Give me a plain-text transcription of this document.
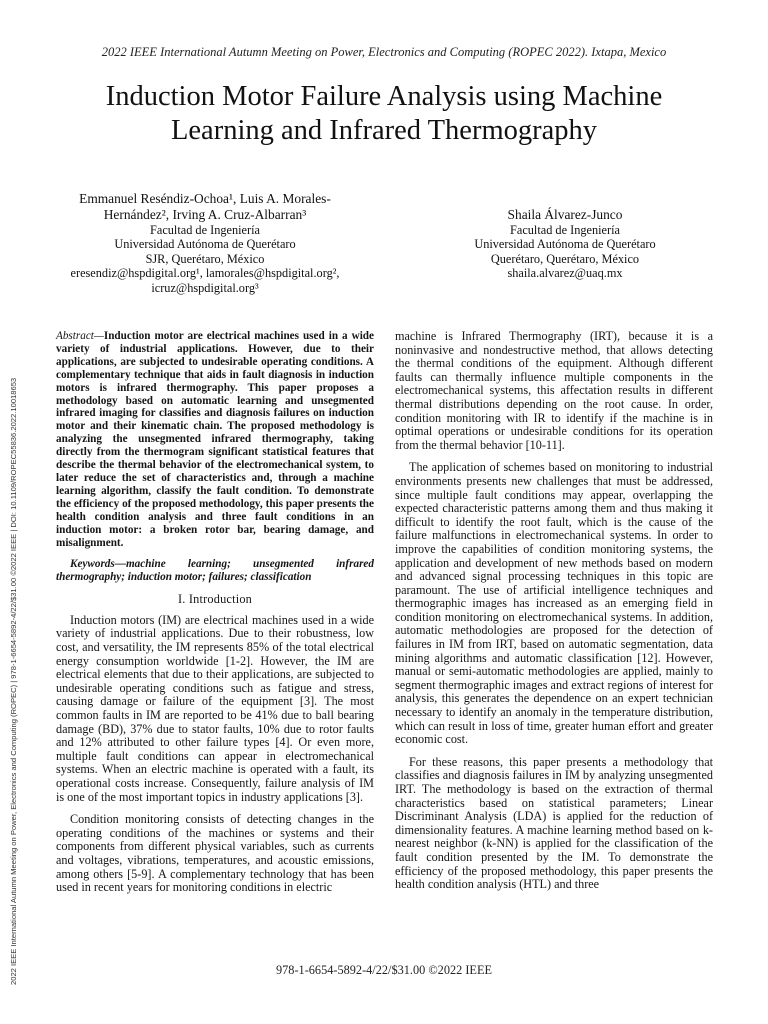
2022 IEEE International Autumn Meeting on Power, Electronics and Computing (ROPEC 2022). Ixtapa, Mexico
Induction Motor Failure Analysis using Machine Learning and Infrared Thermography
2022 IEEE International Autumn Meeting on Power, Electronics and Computing (ROPEC) | 978-1-6654-5892-4/22/$31.00 ©2022 IEEE | DOI: 10.1109/ROPEC55836.2022.10018653
Emmanuel Reséndiz-Ochoa¹, Luis A. Morales-
Hernández², Irving A. Cruz-Albarran³
Facultad de Ingeniería
Universidad Autónoma de Querétaro
SJR, Querétaro, México
eresendiz@hspdigital.org¹, lamorales@hspdigital.org²,
icruz@hspdigital.org³
Shaila Álvarez-Junco
Facultad de Ingeniería
Universidad Autónoma de Querétaro
Querétaro, Querétaro, México
shaila.alvarez@uaq.mx

Abstract—Induction motor are electrical machines used in a wide variety of industrial applications. However, due to their applications, are subjected to undesirable operating conditions. A complementary technique that aids in fault diagnosis in induction motors is infrared thermography. This paper proposes a methodology based on automatic learning and unsegmented infrared imaging for classifies and diagnosis failures on induction motor and their kinematic chain. The proposed methodology is analyzing the unsegmented infrared thermography, taking directly from the thermogram significant statistical features that describe the thermal behavior of the electromechanical system, to later reduce the set of characteristics and, through a machine learning algorithm, classify the fault condition. To demonstrate the efficiency of the proposed methodology, this paper presents the health condition analysis and three fault conditions in an induction motor: a broken rotor bar, bearing damage, and misalignment.

Keywords—machine learning; unsegmented infrared thermography; induction motor; failures; classification

I. Introduction

Induction motors (IM) are electrical machines used in a wide variety of industrial applications. Due to their robustness, low cost, and versatility, the IM represents 85% of the total electrical energy consumption worldwide [1-2]. However, the IM are electrical elements that due to their applications, are subjected to undesirable operating conditions such as fatigue and stress, causing damage or failure of the equipment [3]. The most common faults in IM are reported to be 41% due to ball bearing damage (BD), 37% due to stator faults, 10% due to rotor faults and 12% attributed to other failure types [4]. Or even more, multiple fault conditions can appear in electromechanical systems. When an electric machine is operated with a fault, its operational costs increase. Consequently, failure analysis of IM is one of the most important topics in industry applications [3].

Condition monitoring consists of detecting changes in the operating conditions of the machines or systems and their components from different physical variables, such as currents and voltages, vibrations, temperatures, and acoustic emissions, among others [5-9]. A complementary technology that has been used in recent years for monitoring conditions in electric

machine is Infrared Thermography (IRT), because it is a noninvasive and nondestructive method, that allows detecting the thermal conditions of the equipment. Although different faults can thermally influence multiple components in the electromechanical systems, this affectation results in different thermal distributions depending on the root cause. In order, condition monitoring with IR to identify if the machine is in optimal operations or undesirable conditions for its operation from the thermal behavior [10-11].

The application of schemes based on monitoring to industrial environments presents new challenges that must be addressed, since multiple fault conditions may appear, overlapping the expected characteristic patterns among them and thus making it difficult to identify the root fault, which is the cause of the failure malfunctions in electromechanical systems. In order to improve the capabilities of condition monitoring systems, the application and development of new methods based on modern and advanced signal processing techniques in this topic are paramount. The use of artificial intelligence techniques and thermographic images has increased as an emerging field in condition monitoring on electromechanical systems. In addition, automatic methodologies are proposed for the detection of failures in IM from IRT, based on automatic segmentation, data mining algorithms and automatic classification [12]. However, manual or semi-automatic methodologies are applied, mainly to segment thermographic images and extract regions of interest for analysis, this generates the dependence on an expert technician necessary to identify an anomaly in the temperature distribution, which can result in loss of time, greater human effort and greater economic cost.

For these reasons, this paper presents a methodology that classifies and diagnosis failures in IM by analyzing unsegmented IRT. The methodology is based on the extraction of thermal characteristics based on statistical parameters; Linear Discriminant Analysis (LDA) is applied for the reduction of dimensionality features. A machine learning method based on k-nearest neighbor (k-NN) is applied for the classification of the fault condition presented by the IM. To demonstrate the efficiency of the proposed methodology, this paper presents the health condition analysis (HTL) and three

978-1-6654-5892-4/22/$31.00 ©2022 IEEE
